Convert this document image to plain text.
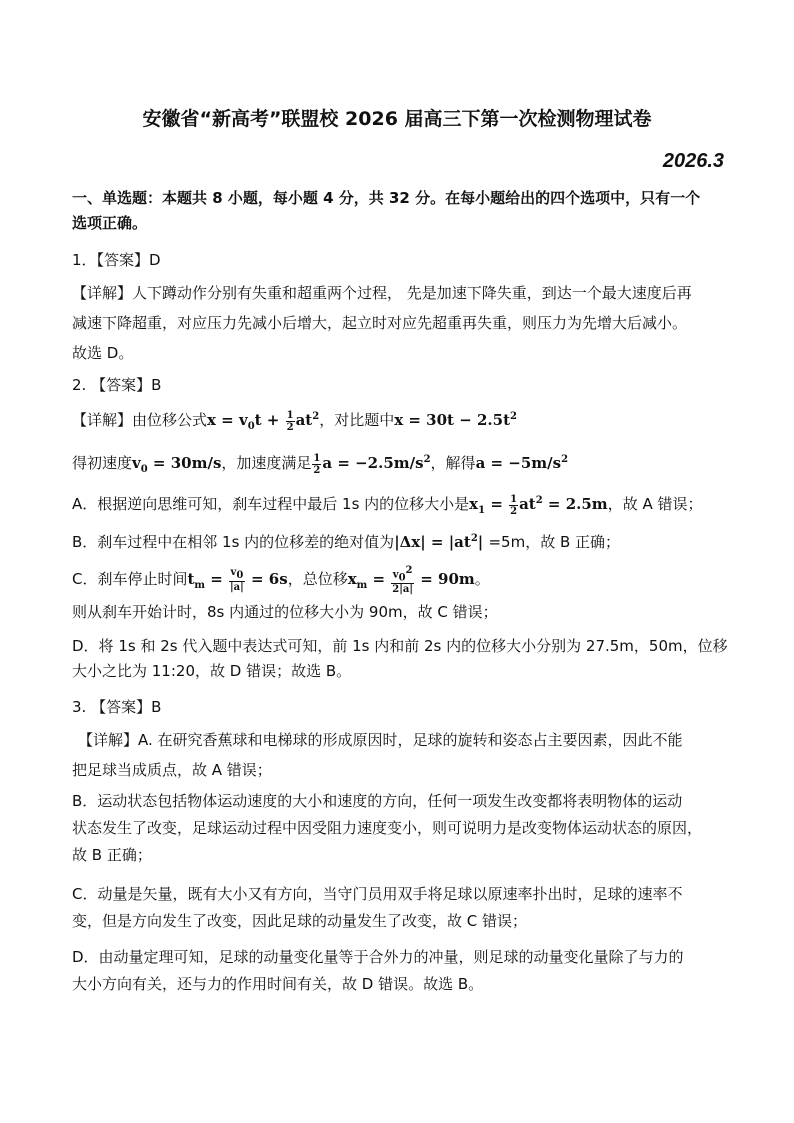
安徽省“新高考”联盟校 2026 届高三下第一次检测物理试卷
2026.3
一、单选题：本题共 8 小题，每小题 4 分，共 32 分。在每小题给出的四个选项中，只有一个
选项正确。
1．【答案】D
【详解】人下蹲动作分别有失重和超重两个过程， 先是加速下降失重，到达一个最大速度后再
减速下降超重，对应压力先减小后增大，起立时对应先超重再失重，则压力为先增大后减小。
故选 D。
2. 【答案】B
【详解】由位移公式$x = v_0t + \frac{1}{2} at^2$，对比题中$x = 30t - 2.5t^2$
得初速度$v_0 = 30m/s$，加速度满足 $\frac{1}{2}$ $a = -2.5m/s^2$，解得$a = -5m/s^2$
A．根据逆向思维可知，刹车过程中最后 1s 内的位移大小是$x_1 = \frac{1}{2} at^2 = 2.5m$，故 A 错误；
B．刹车过程中在相邻 1s 内的位移差的绝对值为$|\Delta x| = |at^2| =5m$，故 B 正确；
C．刹车停止时间$t_m = \frac{v_0}{|a|} = 6s$，总位移$x_m = \frac{v_0^2}{2|a|} = 90m$。
则从刹车开始计时，8s 内通过的位移大小为 90m，故 C 错误；
D．将 1s 和 2s 代入题中表达式可知，前 1s 内和前 2s 内的位移大小分别为 27.5m，50m，位移
大小之比为 11:20，故 D 错误；故选 B。
3. 【答案】B
【详解】A. 在研究香蕉球和电梯球的形成原因时，足球的旋转和姿态占主要因素，因此不能
把足球当成质点，故 A 错误；
B．运动状态包括物体运动速度的大小和速度的方向，任何一项发生改变都将表明物体的运动
状态发生了改变，足球运动过程中因受阻力速度变小，则可说明力是改变物体运动状态的原因，
故 B 正确；
C．动量是矢量，既有大小又有方向，当守门员用双手将足球以原速率扑出时，足球的速率不
变，但是方向发生了改变，因此足球的动量发生了改变，故 C 错误；
D．由动量定理可知，足球的动量变化量等于合外力的冲量，则足球的动量变化量除了与力的
大小方向有关，还与力的作用时间有关，故 D 错误。故选 B。
